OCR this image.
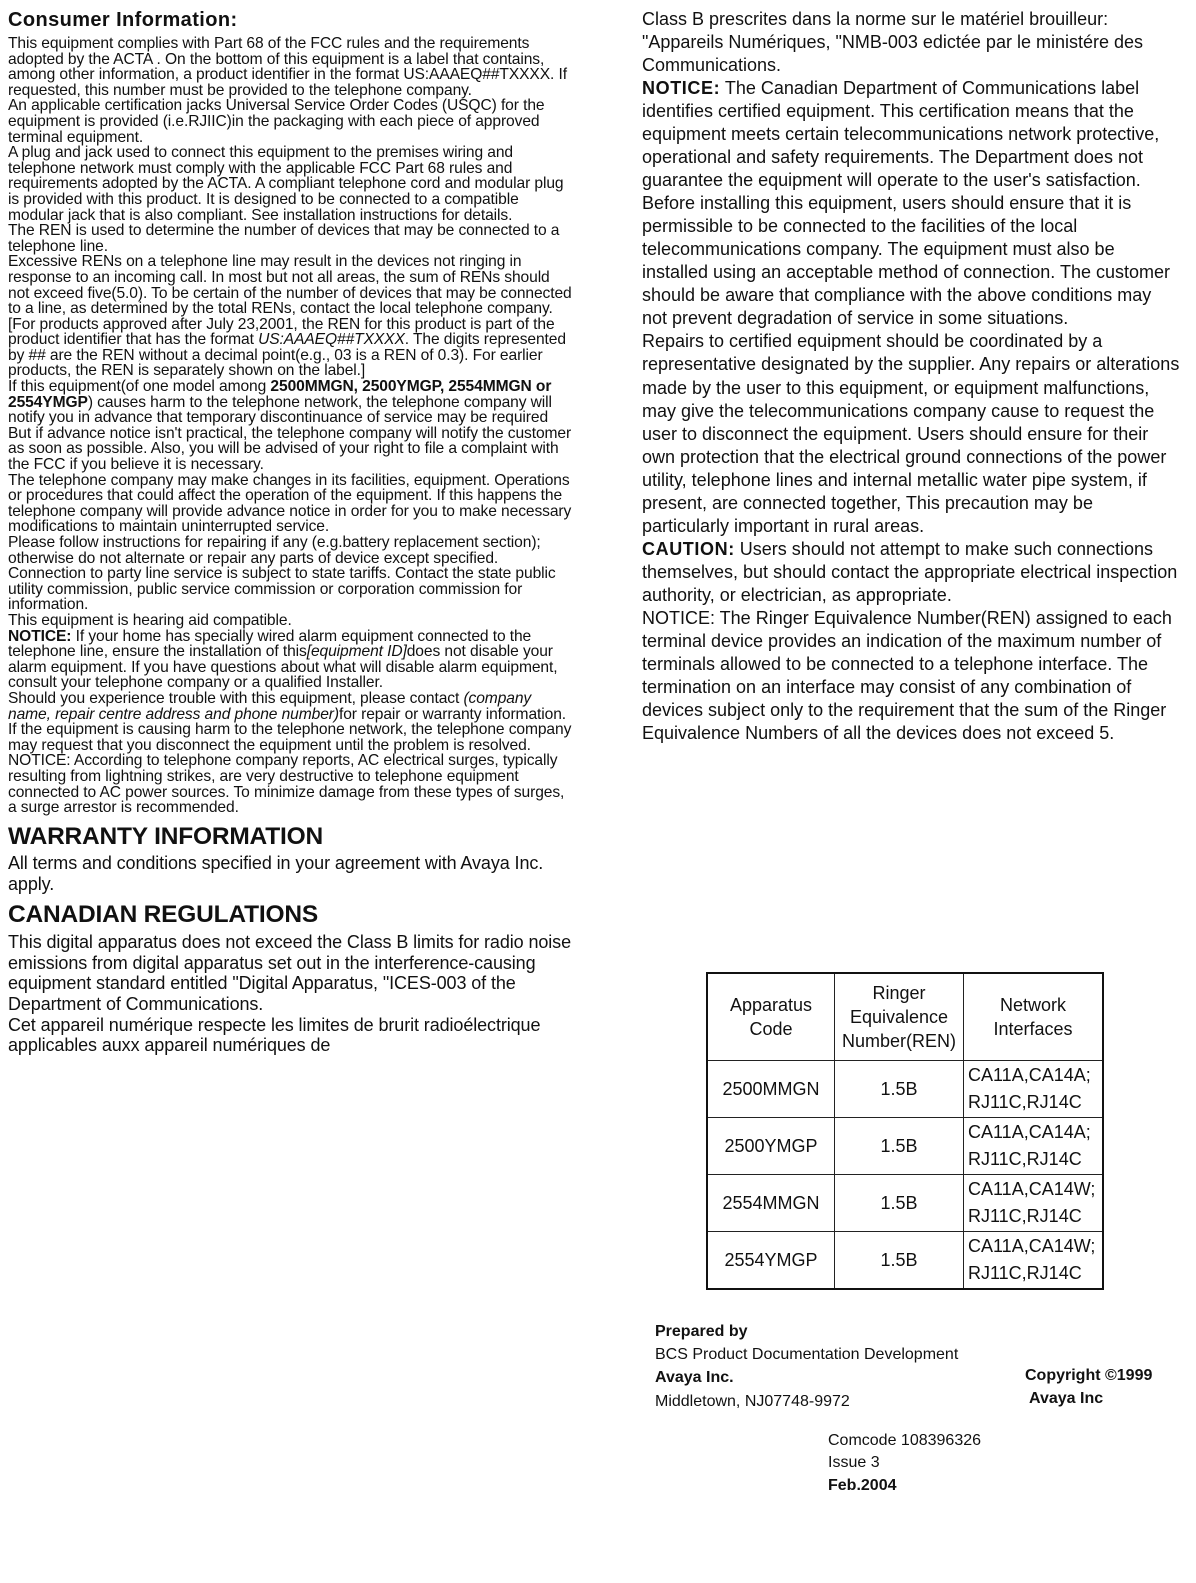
Consumer Information:

This equipment complies with Part 68 of the FCC rules and the requirements adopted by the ACTA . On the bottom of this equipment is a label that contains, among other information, a product identifier in the format US:AAAEQ##TXXXX. If requested, this number must be provided to the telephone company.

An applicable certification jacks Universal Service Order Codes (USQC) for the equipment is provided (i.e.RJIIC)in the packaging with each piece of approved terminal equipment.

A plug and jack used to connect this equipment to the premises wiring and telephone network must comply with the applicable FCC Part 68 rules and requirements adopted by the ACTA. A compliant telephone cord and modular plug is provided with this product. It is designed to be connected to a compatible modular jack that is also compliant. See installation instructions for details.

The REN is used to determine the number of devices that may be connected to a telephone line.

Excessive RENs on a telephone line may result in the devices not ringing in response to an incoming call. In most but not all areas, the sum of RENs should not exceed five(5.0). To be certain of the number of devices that may be connected to a line, as determined by the total RENs, contact the local telephone company. [For products approved after July 23,2001, the REN for this product is part of the product identifier that has the format US:AAAEQ##TXXXX. The digits represented by ## are the REN without a decimal point(e.g., 03 is a REN of 0.3). For earlier products, the REN is separately shown on the label.]

If this equipment(of one model among 2500MMGN, 2500YMGP, 2554MMGN or 2554YMGP) causes harm to the telephone network, the telephone company will notify you in advance that temporary discontinuance of service may be required But if advance notice isn't practical, the telephone company will notify the customer as soon as possible. Also, you will be advised of your right to file a complaint with the FCC if you believe it is necessary.

The telephone company may make changes in its facilities, equipment. Operations or procedures that could affect the operation of the equipment. If this happens the telephone company will provide advance notice in order for you to make necessary modifications to maintain uninterrupted service.

Please follow instructions for repairing if any (e.g.battery replacement section); otherwise do not alternate or repair any parts of device except specified.

Connection to party line service is subject to state tariffs. Contact the state public utility commission, public service commission or corporation commission for information.

This equipment is hearing aid compatible.

NOTICE: If your home has specially wired alarm equipment connected to the telephone line, ensure the installation of this[equipment ID]does not disable your alarm equipment. If you have questions about what will disable alarm equipment, consult your telephone company or a qualified Installer.

Should you experience trouble with this equipment, please contact (company name, repair centre address and phone number)for repair or warranty information. If the equipment is causing harm to the telephone network, the telephone company may request that you disconnect the equipment until the problem is resolved.

NOTICE: According to telephone company reports, AC electrical surges, typically resulting from lightning strikes, are very destructive to telephone equipment connected to AC power sources. To minimize damage from these types of surges, a surge arrestor is recommended.

WARRANTY INFORMATION

All terms and conditions specified in your agreement with Avaya Inc. apply.

CANADIAN REGULATIONS

This digital apparatus does not exceed the Class B limits for radio noise emissions from digital apparatus set out in the interference-causing equipment standard entitled "Digital Apparatus, "ICES-003 of the Department of Communications.

Cet appareil numérique respecte les limites de brurit radioélectrique applicables auxx appareil numériques de

Class B prescrites dans la norme sur le matériel brouilleur: "Appareils Numériques, "NMB-003 edictée par le ministére des Communications.

NOTICE: The Canadian Department of Communications label identifies certified equipment. This certification means that the equipment meets certain telecommunications network protective, operational and safety requirements. The Department does not guarantee the equipment will operate to the user's satisfaction.

Before installing this equipment, users should ensure that it is permissible to be connected to the facilities of the local telecommunications company. The equipment must also be installed using an acceptable method of connection. The customer should be aware that compliance with the above conditions may not prevent degradation of service in some situations.

Repairs to certified equipment should be coordinated by a representative designated by the supplier. Any repairs or alterations made by the user to this equipment, or equipment malfunctions, may give the telecommunications company cause to request the user to disconnect the equipment. Users should ensure for their own protection that the electrical ground connections of the power utility, telephone lines and internal metallic water pipe system, if present, are connected together, This precaution may be particularly important in rural areas.

CAUTION: Users should not attempt to make such connections themselves, but should contact the appropriate electrical inspection authority, or electrician, as appropriate.

NOTICE: The Ringer Equivalence Number(REN) assigned to each terminal device provides an indication of the maximum number of terminals allowed to be connected to a telephone interface. The termination on an interface may consist of any combination of devices subject only to the requirement that the sum of the Ringer Equivalence Numbers of all the devices does not exceed 5.

Apparatus Code	Ringer Equivalence Number(REN)	Network Interfaces
2500MMGN	1.5B	CA11A,CA14A;
RJ11C,RJ14C

2500YMGP	1.5B	CA11A,CA14A;
RJ11C,RJ14C

2554MMGN	1.5B	CA11A,CA14W;
RJ11C,RJ14C

2554YMGP	1.5B	CA11A,CA14W;
RJ11C,RJ14C
Prepared by
BCS Product Documentation Development
Avaya Inc.
Middletown, NJ07748-9972
Copyright ©1999
Avaya Inc
Comcode 108396326
Issue 3
Feb.2004
